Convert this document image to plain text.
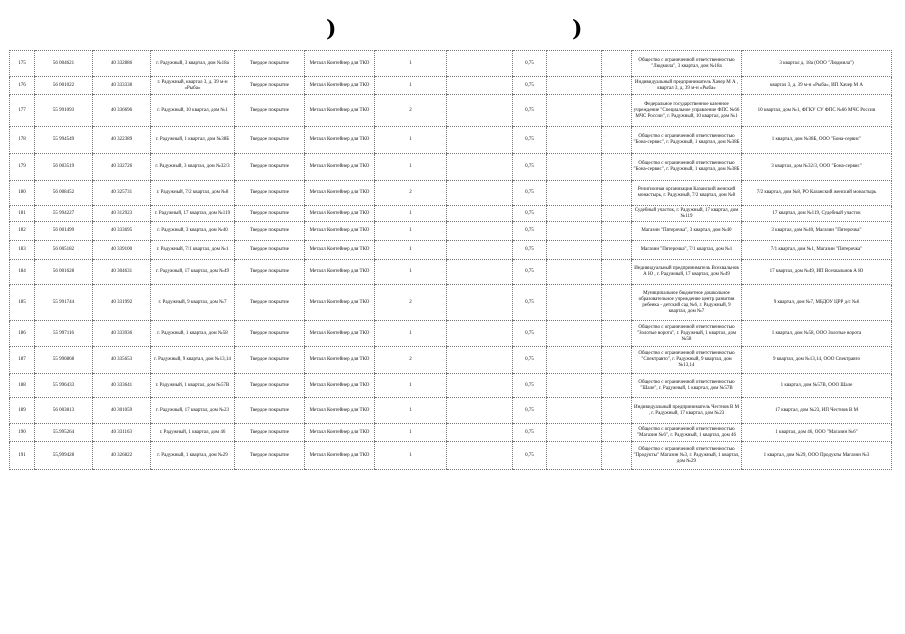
)	)
175	56 004621	40 332886	г. Радужный, 3 квартал, дом №18а	Твердое покрытие	Металл Контейнер для ТКО	1		0,75			Общество с ограниченной ответственностью "Людмила", 3 квартал, дом №18а	3 квартал д. 18а (ООО "Людмила")
176	56 001022	40 333338	г. Радужный, квартал 3, д. 39 м-н «Рыба»	Твердое покрытие	Металл Контейнер для ТКО	1		0,75			Индивидуальный предприниматель Хачер М А , квартал 3, д. 39 м-н «Рыба»	квартал 3, д. 39 м-н «Рыба», ИП Хачер М А
177	55 991093	40 336696	г. Радужный, 10 квартал, дом №1	Твердое покрытие	Металл Контейнер для ТКО	2		0,75			Федеральное государственное казенное учреждение "Специальное управление ФПС №66 МЧС России", г. Радужный, 10 квартал, дом №1	10 квартал, дом №1, ФГКУ СУ ФПС №66 МЧС России
178	55 994549	40 322389	г. Радужный, 1 квартал, дом №38Б	Твердое покрытие	Металл Контейнер для ТКО	1		0,75			Общество с ограниченной ответственностью "Бона-сервис", г. Радужный, 1 квартал, дом №38Б	1 квартал, дом №38Б, ООО "Бона-сервис"
179	56 003519	40 332726	г. Радужный, 3 квартал, дом №32/3	Твердое покрытие	Металл Контейнер для ТКО	1		0,75			Общество с ограниченной ответственностью "Бона-сервис", г. Радужный, 1 квартал, дом №38Б	3 квартал, дом №32/3, ООО "Бона-сервис"
180	56 008452	40 325731	г. Радужный, 7/2 квартал, дом №8	Твердое покрытие	Металл Контейнер для ТКО	2		0,75			Религиозная организация Казанский женский монастырь, г. Радужный, 7/2 квартал, дом №8	7/2 квартал, дом №8, РО Казанский женский монастырь
181	55 994227	40 312923	г. Радужный, 17 квартал, дом №119	Твердое покрытие	Металл Контейнер для ТКО	1		0,75			Судебный участок, г. Радужный, 17 квартал, дом №119	17 квартал, дом №119, Судебный участок
182	56 001499	40 333695	г. Радужный, 3 квартал, дом №40	Твердое покрытие	Металл Контейнер для ТКО	1		0,75			Магазин "Пятерочка", 3 квартал, дом №40	3 квартал, дом №40, Магазин "Пятерочка"
183	56 005182	40 339100	г. Радужный, 7/1 квартал, дом №1	Твердое покрытие	Металл Контейнер для ТКО	1		0,75			Магазин "Пятерочка", 7/1 квартал, дом №1	7/1 квартал, дом №1, Магазин "Пятерочка"
184	56 001628	40 304631	г. Радужный, 17 квартал, дом №49	Твердое покрытие	Металл Контейнер для ТКО	1		0,75			Индивидуальный предприниматель Всехвальнов А Ю , г. Радужный, 17 квартал, дом №49	17 квартал, дом №49, ИП Всехвальнов А Ю
185	55 991744	40 331992	г. Радужный, 9 квартал, дом №7	Твердое покрытие	Металл Контейнер для ТКО	2		0,75			Муниципальное бюджетное дошкольное образовательное учреждение центр развития ребенка - детский сад №6, г. Радужный, 9 квартал, дом №7	9 квартал, дом №7, МБДОУ ЦРР д/с №6
186	55 997116	40 333936	г. Радужный, 1 квартал, дом №58	Твердое покрытие	Металл Контейнер для ТКО	1		0,75			Общество с ограниченной ответственностью "Золотые ворота", г. Радужный, 1 квартал, дом №58	1 квартал, дом №58, ООО Золотые ворота
187	55 990868	40 335653	г. Радужный, 9 квартал, дом №13,14	Твердое покрытие	Металл Контейнер для ТКО	2		0,75			Общество с ограниченной ответственностью "Спектравто", г. Радужный, 9 квартал, дом №13,14	9 квартал, дом №13,14, ООО Спектравто
188	55 996433	40 333641	г. Радужный, 1 квартал, дом №57В	Твердое покрытие	Металл Контейнер для ТКО	1		0,75			Общество с ограниченной ответственностью "Шале", г. Радужный, 1 квартал, дом №57В	1 квартал, дом №57В, ООО Шале
189	56 003813	40 301059	г. Радужный, 17 квартал, дом №23	Твердое покрытие	Металл Контейнер для ТКО	1		0,75			Индивидуальный предприниматель Честнов В М , г. Радужный, 17 квартал, дом №23	17 квартал, дом №23, ИП Честнов В М
190	55.995264	40 331163	г. Радужный, 1 квартал, дом 46	Твердое покрытие	Металл Контейнер для ТКО	1		0,75			Общество с ограниченной ответственностью "Магазин №6", г. Радужный, 1 квартал, дом 46	1 квартал, дом 46, ООО "Магазин №6"
191	55,999428	40 326822	г. Радужный, 1 квартал, дом №29	Твердое покрытие	Металл Контейнер для ТКО	1		0,75			Общество с ограниченной ответственностью "Продукты" Магазин №3, г. Радужный, 1 квартал, дом №29	1 квартал, дом №29, ООО Продукты Магазин №3
